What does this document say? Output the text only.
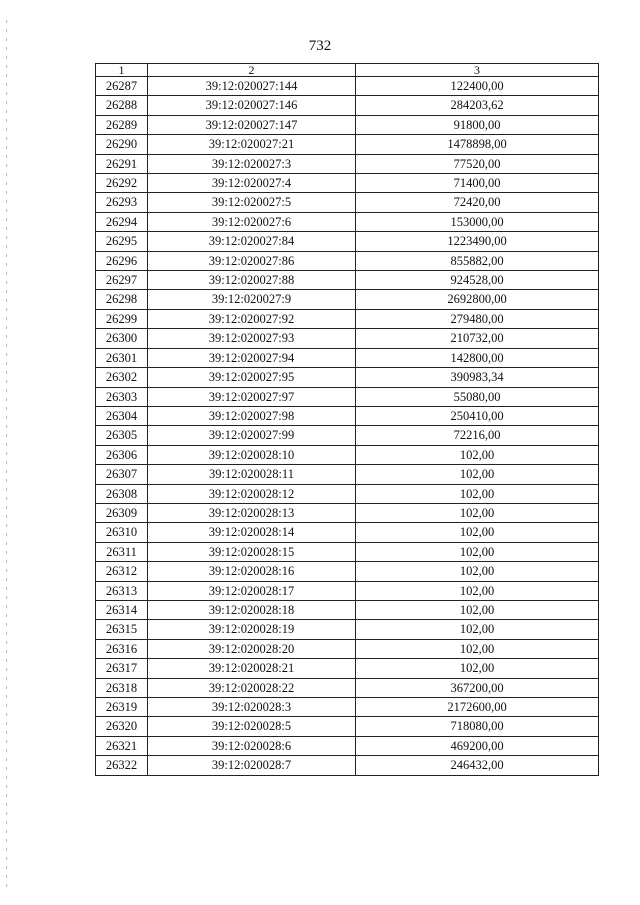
732
1	2	3
26287	39:12:020027:144	122400,00
26288	39:12:020027:146	284203,62
26289	39:12:020027:147	91800,00
26290	39:12:020027:21	1478898,00
26291	39:12:020027:3	77520,00
26292	39:12:020027:4	71400,00
26293	39:12:020027:5	72420,00
26294	39:12:020027:6	153000,00
26295	39:12:020027:84	1223490,00
26296	39:12:020027:86	855882,00
26297	39:12:020027:88	924528,00
26298	39:12:020027:9	2692800,00
26299	39:12:020027:92	279480,00
26300	39:12:020027:93	210732,00
26301	39:12:020027:94	142800,00
26302	39:12:020027:95	390983,34
26303	39:12:020027:97	55080,00
26304	39:12:020027:98	250410,00
26305	39:12:020027:99	72216,00
26306	39:12:020028:10	102,00
26307	39:12:020028:11	102,00
26308	39:12:020028:12	102,00
26309	39:12:020028:13	102,00
26310	39:12:020028:14	102,00
26311	39:12:020028:15	102,00
26312	39:12:020028:16	102,00
26313	39:12:020028:17	102,00
26314	39:12:020028:18	102,00
26315	39:12:020028:19	102,00
26316	39:12:020028:20	102,00
26317	39:12:020028:21	102,00
26318	39:12:020028:22	367200,00
26319	39:12:020028:3	2172600,00
26320	39:12:020028:5	718080,00
26321	39:12:020028:6	469200,00
26322	39:12:020028:7	246432,00
